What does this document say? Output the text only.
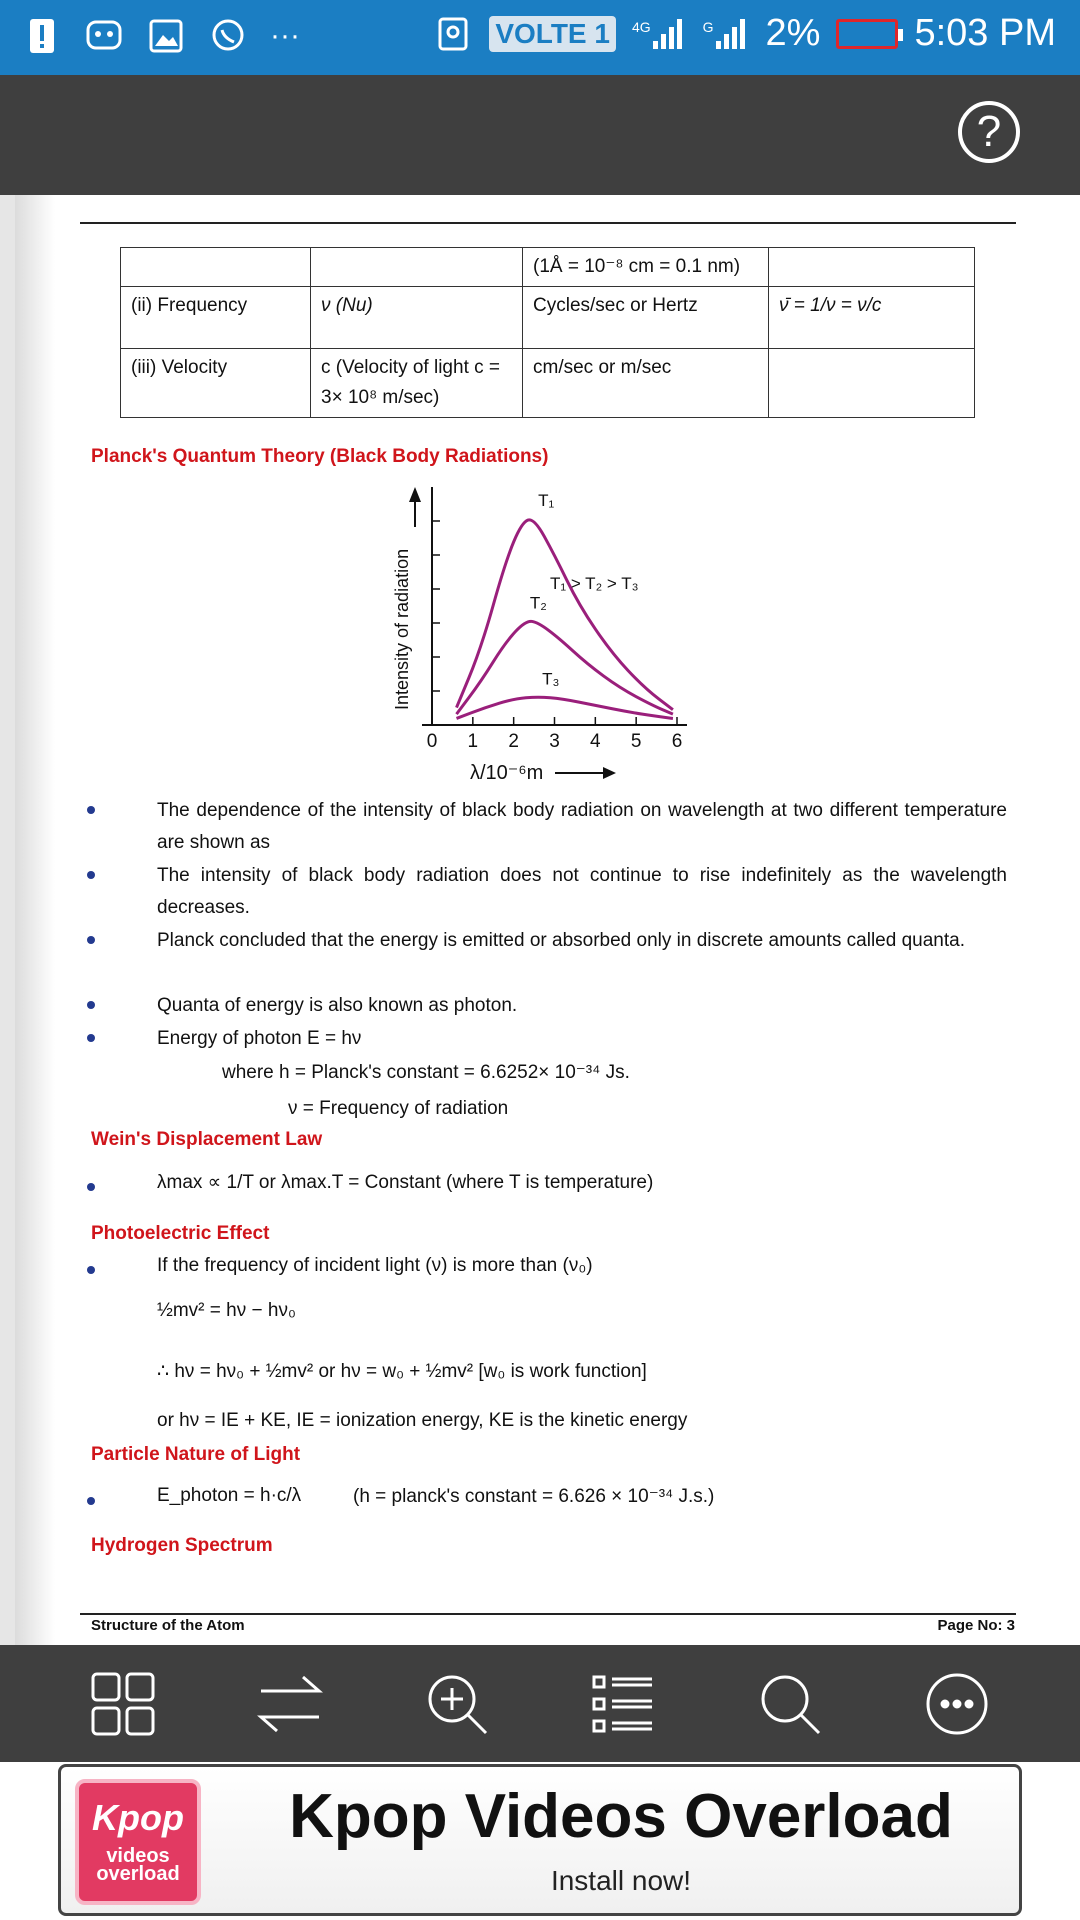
···	VOLTE 1	4G	G 2% 5:03 PM
?
		(1Å = 10⁻⁸ cm = 0.1 nm)	
(ii) Frequency	ν (Nu)	Cycles/sec or Hertz	ν̄ = 1/ν = ν/c
(iii) Velocity	c (Velocity of light c = 3× 10⁸ m/sec)	cm/sec or m/sec	
Planck's Quantum Theory (Black Body Radiations)
0 1 2 3 4 5 6
T₁
T₂
T₃
T₁ > T₂ > T₃
λ/10⁻⁶m
Intensity of radiation
The dependence of the intensity of black body radiation on wavelength at two different temperature are shown as
The intensity of black body radiation does not continue to rise indefinitely as the wavelength decreases.
Planck concluded that the energy is emitted or absorbed only in discrete amounts called quanta.
Quanta of energy is also known as photon.
Energy of photon E = hν
where h = Planck's constant = 6.6252× 10⁻³⁴ Js.
ν = Frequency of radiation
Wein's Displacement Law
λmax ∝ 1/T or λmax.T = Constant (where T is temperature)
Photoelectric Effect
If the frequency of incident light (ν) is more than (ν₀)
½mv² = hν − hν₀
∴ hν = hν₀ + ½mv² or hν = w₀ + ½mv² [w₀ is work function]
or hν = IE + KE, IE = ionization energy, KE is the kinetic energy
Particle Nature of Light
E_photon = h·c/λ	(h = planck's constant = 6.626 × 10⁻³⁴ J.s.)
Hydrogen Spectrum
Structure of the Atom	Page No: 3
Kpop
videos overload
Kpop Videos Overload
Install now!
